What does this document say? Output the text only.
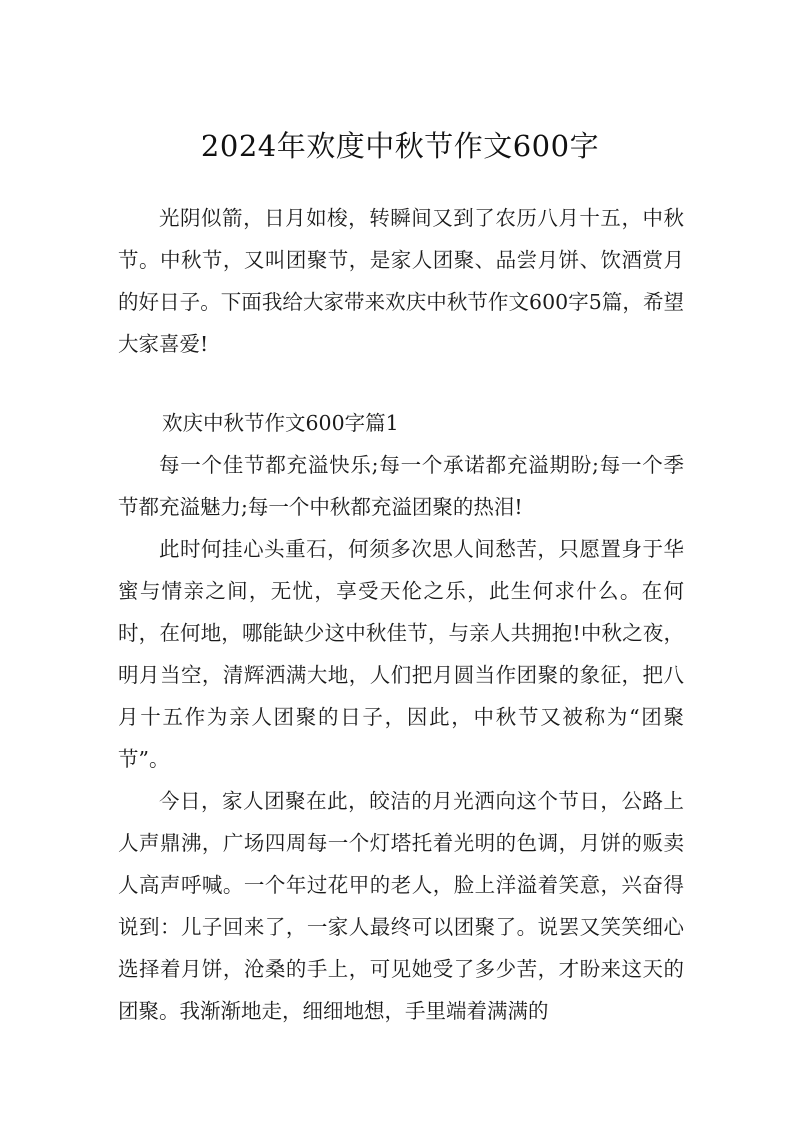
2024年欢度中秋节作文600字

光阴似箭，日月如梭，转瞬间又到了农历八月十五，中秋节。中秋节，又叫团聚节，是家人团聚、品尝月饼、饮酒赏月的好日子。下面我给大家带来欢庆中秋节作文600字5篇，希望大家喜爱!

欢庆中秋节作文600字篇1

每一个佳节都充溢快乐;每一个承诺都充溢期盼;每一个季节都充溢魅力;每一个中秋都充溢团聚的热泪!

此时何挂心头重石，何须多次思人间愁苦，只愿置身于华蜜与情亲之间，无忧，享受天伦之乐，此生何求什么。在何时，在何地，哪能缺少这中秋佳节，与亲人共拥抱!中秋之夜，明月当空，清辉洒满大地，人们把月圆当作团聚的象征，把八月十五作为亲人团聚的日子，因此，中秋节又被称为“团聚节”。

今日，家人团聚在此，皎洁的月光洒向这个节日，公路上人声鼎沸，广场四周每一个灯塔托着光明的色调，月饼的贩卖人高声呼喊。一个年过花甲的老人，脸上洋溢着笑意，兴奋得说到：儿子回来了，一家人最终可以团聚了。说罢又笑笑细心选择着月饼，沧桑的手上，可见她受了多少苦，才盼来这天的团聚。我渐渐地走，细细地想，手里端着满满的
